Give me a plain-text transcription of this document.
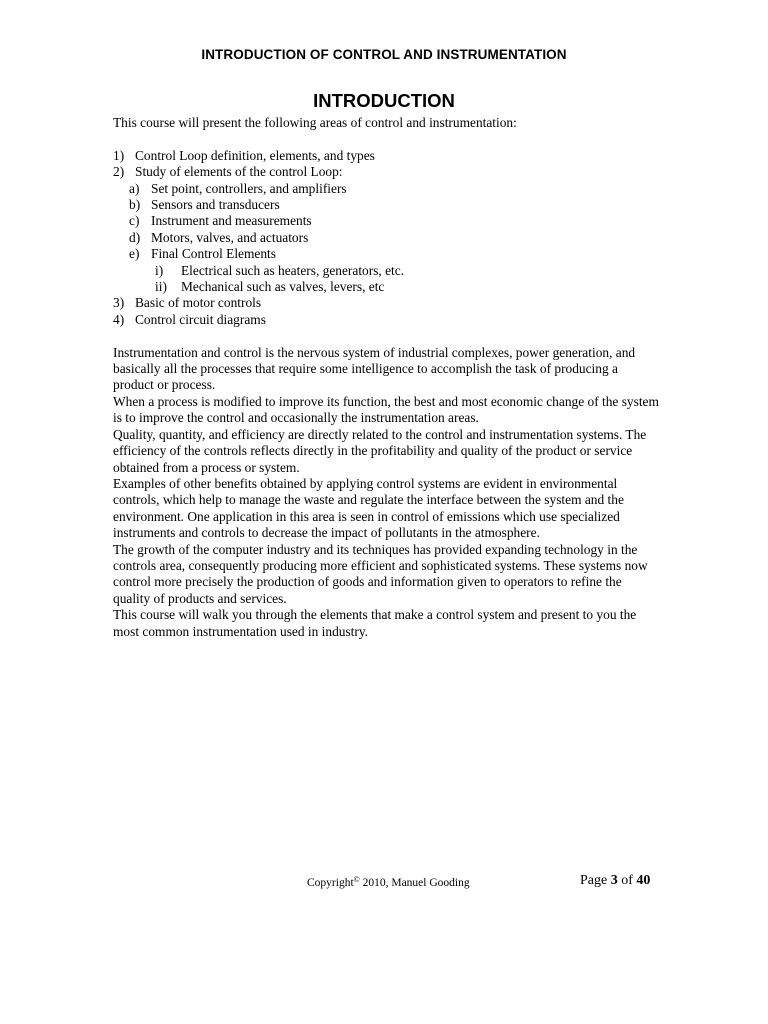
INTRODUCTION OF CONTROL AND INSTRUMENTATION
INTRODUCTION

This course will present the following areas of control and instrumentation:

1) Control Loop definition, elements, and types
2) Study of elements of the control Loop:
a) Set point, controllers, and amplifiers
b) Sensors and transducers
c) Instrument and measurements
d) Motors, valves, and actuators
e) Final Control Elements
i)	Electrical such as heaters, generators, etc.
ii)	Mechanical such as valves, levers, etc
3) Basic of motor controls
4) Control circuit diagrams

Instrumentation and control is the nervous system of industrial complexes, power generation, and basically all the processes that require some intelligence to accomplish the task of producing a product or process.

When a process is modified to improve its function, the best and most economic change of the system is to improve the control and occasionally the instrumentation areas.

Quality, quantity, and efficiency are directly related to the control and instrumentation systems. The efficiency of the controls reflects directly in the profitability and quality of the product or service obtained from a process or system.

Examples of other benefits obtained by applying control systems are evident in environmental controls, which help to manage the waste and regulate the interface between the system and the environment. One application in this area is seen in control of emissions which use specialized instruments and controls to decrease the impact of pollutants in the atmosphere.

The growth of the computer industry and its techniques has provided expanding technology in the controls area, consequently producing more efficient and sophisticated systems. These systems now control more precisely the production of goods and information given to operators to refine the quality of products and services.

This course will walk you through the elements that make a control system and present to you the most common instrumentation used in industry.

Copyright© 2010, Manuel Gooding	Page 3 of 40
